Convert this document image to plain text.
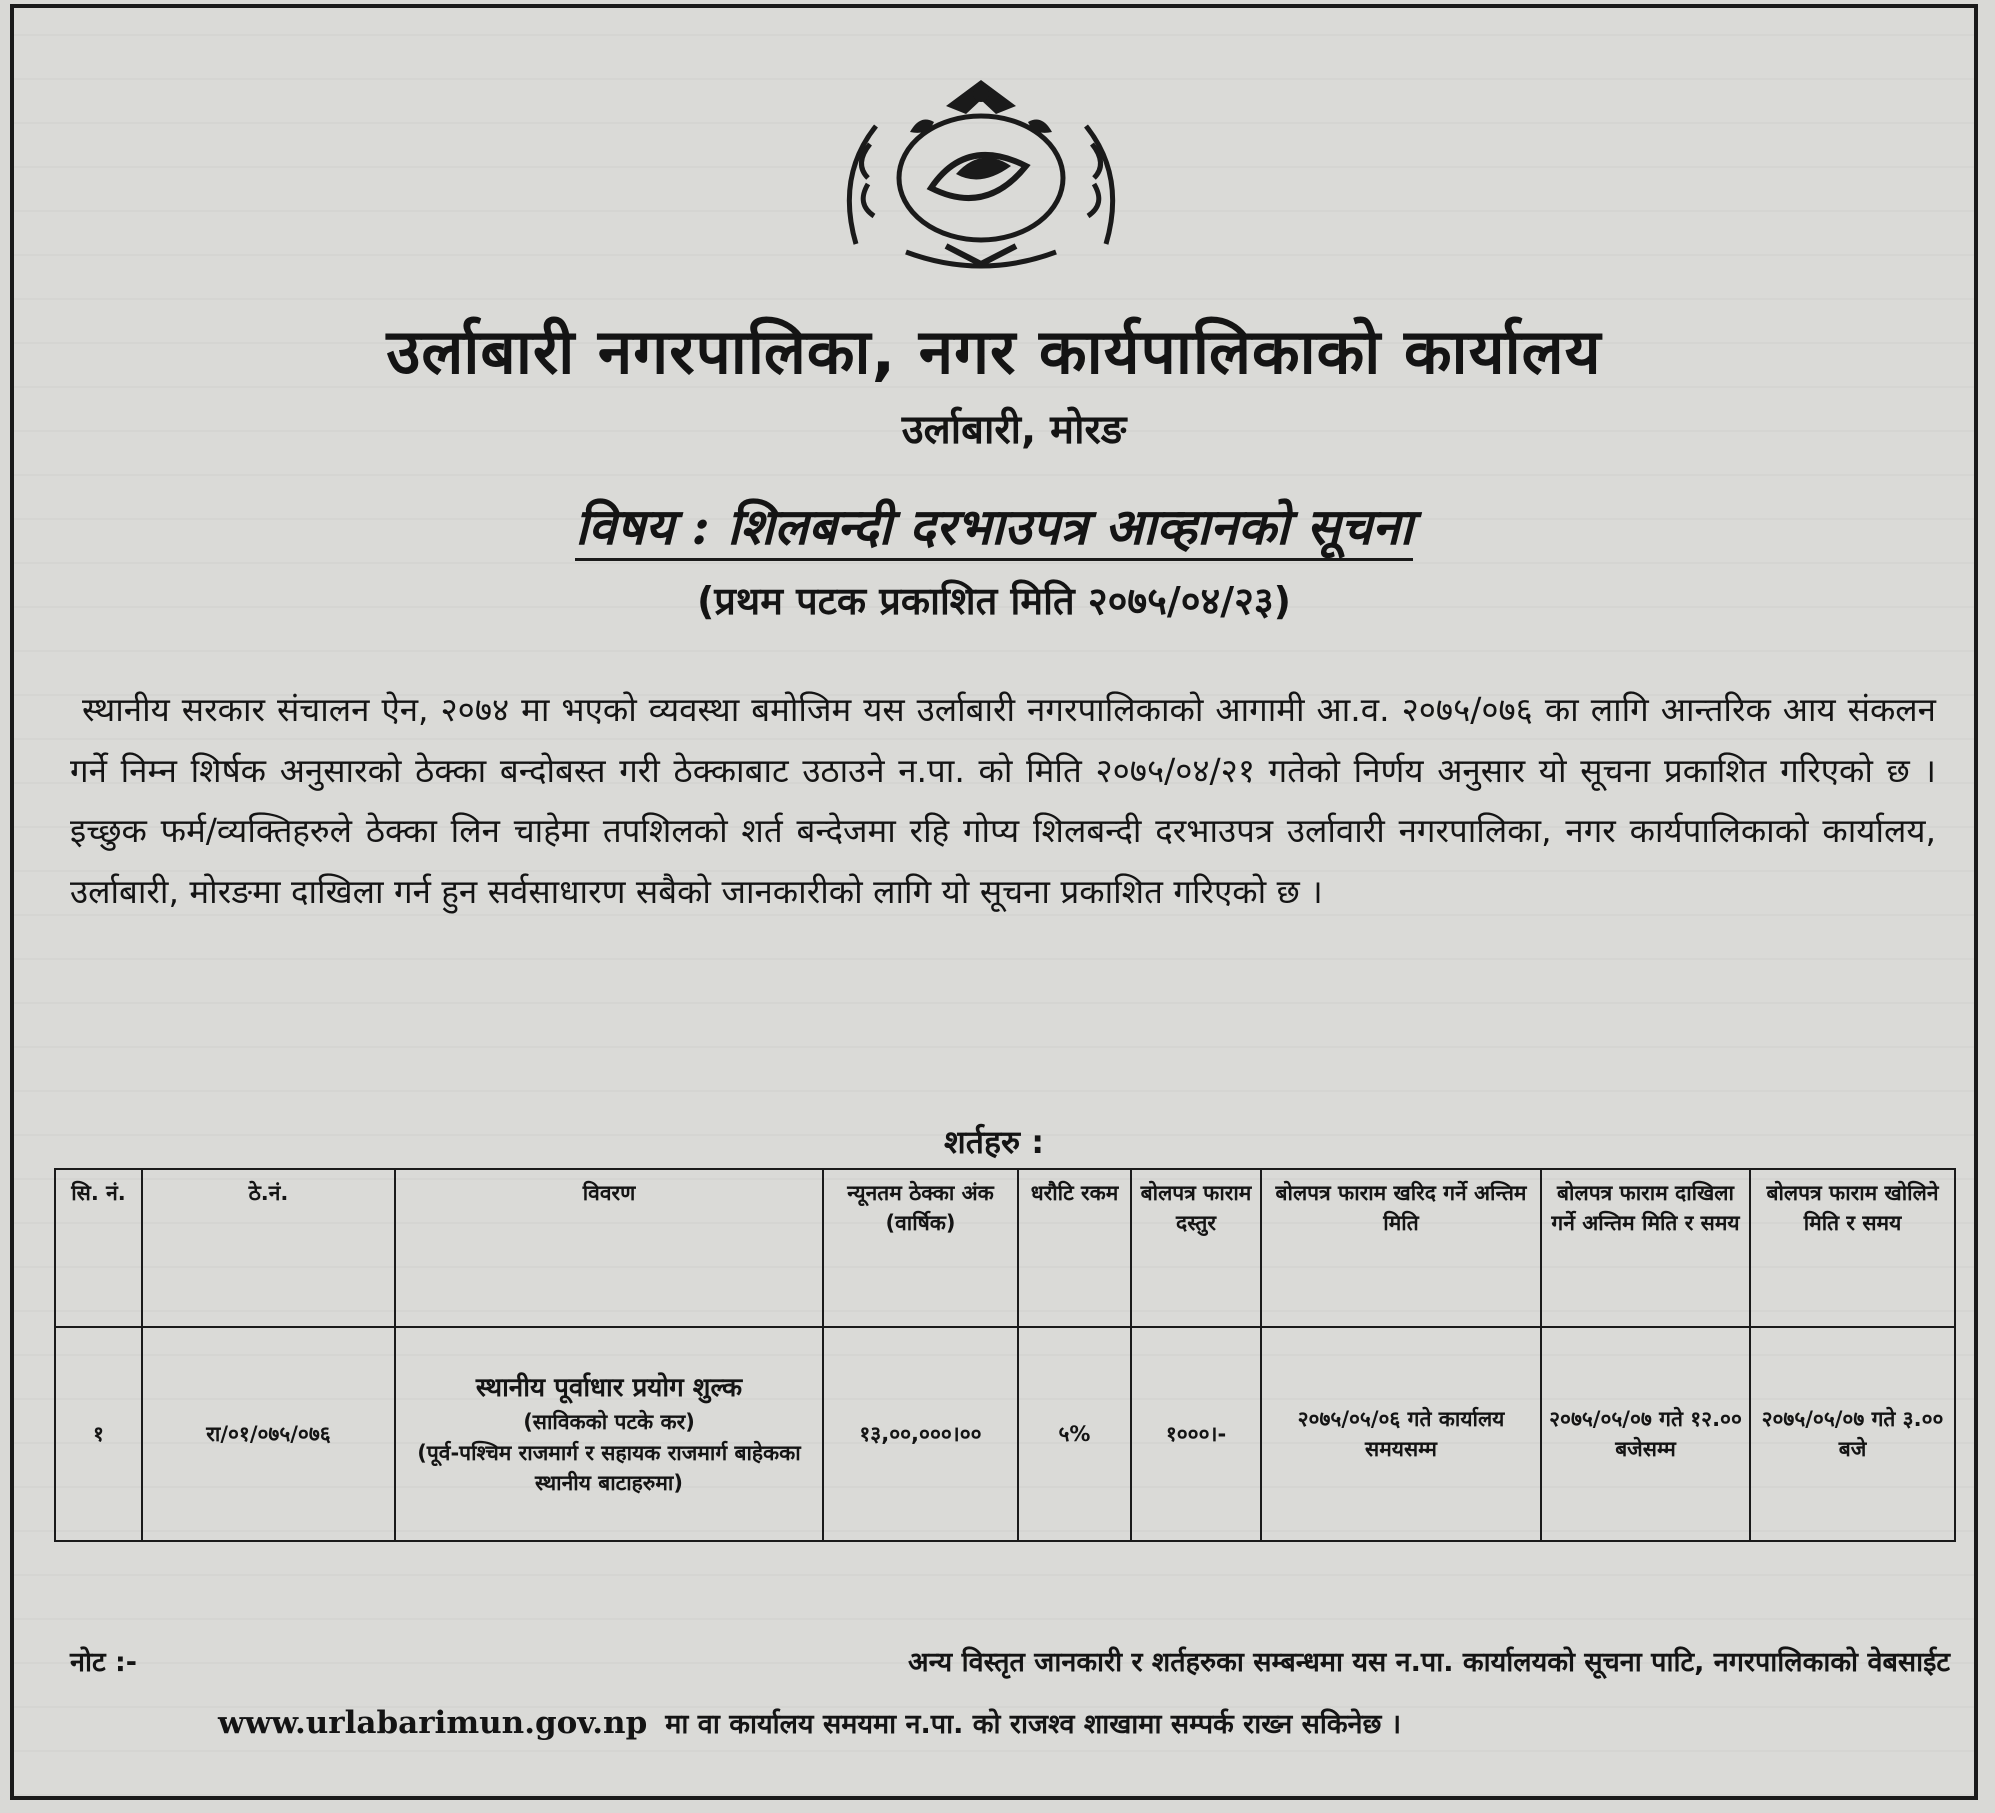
उर्लाबारी नगरपालिका, नगर कार्यपालिकाको कार्यालय
उर्लाबारी, मोरङ
विषय : शिलबन्दी दरभाउपत्र आव्हानको सूचना
(प्रथम पटक प्रकाशित मिति २०७५/०४/२३)
स्थानीय सरकार संचालन ऐन, २०७४ मा भएको व्यवस्था बमोजिम यस उर्लाबारी नगरपालिकाको आगामी आ.व. २०७५/०७६ का लागि आन्तरिक आय संकलन गर्ने निम्न शिर्षक अनुसारको ठेक्का बन्दोबस्त गरी ठेक्काबाट उठाउने न.पा. को मिति २०७५/०४/२१ गतेको निर्णय अनुसार यो सूचना प्रकाशित गरिएको छ । इच्छुक फर्म/व्यक्तिहरुले ठेक्का लिन चाहेमा तपशिलको शर्त बन्देजमा रहि गोप्य शिलबन्दी दरभाउपत्र उर्लावारी नगरपालिका, नगर कार्यपालिकाको कार्यालय, उर्लाबारी, मोरङमा दाखिला गर्न हुन सर्वसाधारण सबैको जानकारीको लागि यो सूचना प्रकाशित गरिएको छ ।
शर्तहरु :
सि. नं.	ठे.नं.	विवरण	न्यूनतम ठेक्का अंक (वार्षिक)	धरौटि रकम	बोलपत्र फाराम दस्तुर	बोलपत्र फाराम खरिद गर्ने अन्तिम मिति	बोलपत्र फाराम दाखिला गर्ने अन्तिम मिति र समय	बोलपत्र फाराम खोलिने मिति र समय
१	रा/०१/०७५/०७६	स्थानीय पूर्वाधार प्रयोग शुल्क
(साविकको पटके कर)
(पूर्व-पश्चिम राजमार्ग र सहायक राजमार्ग बाहेकका स्थानीय बाटाहरुमा)	१३,००,०००।००	५%	१०००।-	२०७५/०५/०६ गते कार्यालय समयसम्म	२०७५/०५/०७ गते १२.०० बजेसम्म	२०७५/०५/०७ गते ३.०० बजे
नोट :-	अन्य विस्तृत जानकारी र शर्तहरुका सम्बन्धमा यस न.पा. कार्यालयको सूचना पाटि, नगरपालिकाको वेबसाईट
www.urlabarimun.gov.np मा वा कार्यालय समयमा न.पा. को राजश्व शाखामा सम्पर्क राख्न सकिनेछ ।
